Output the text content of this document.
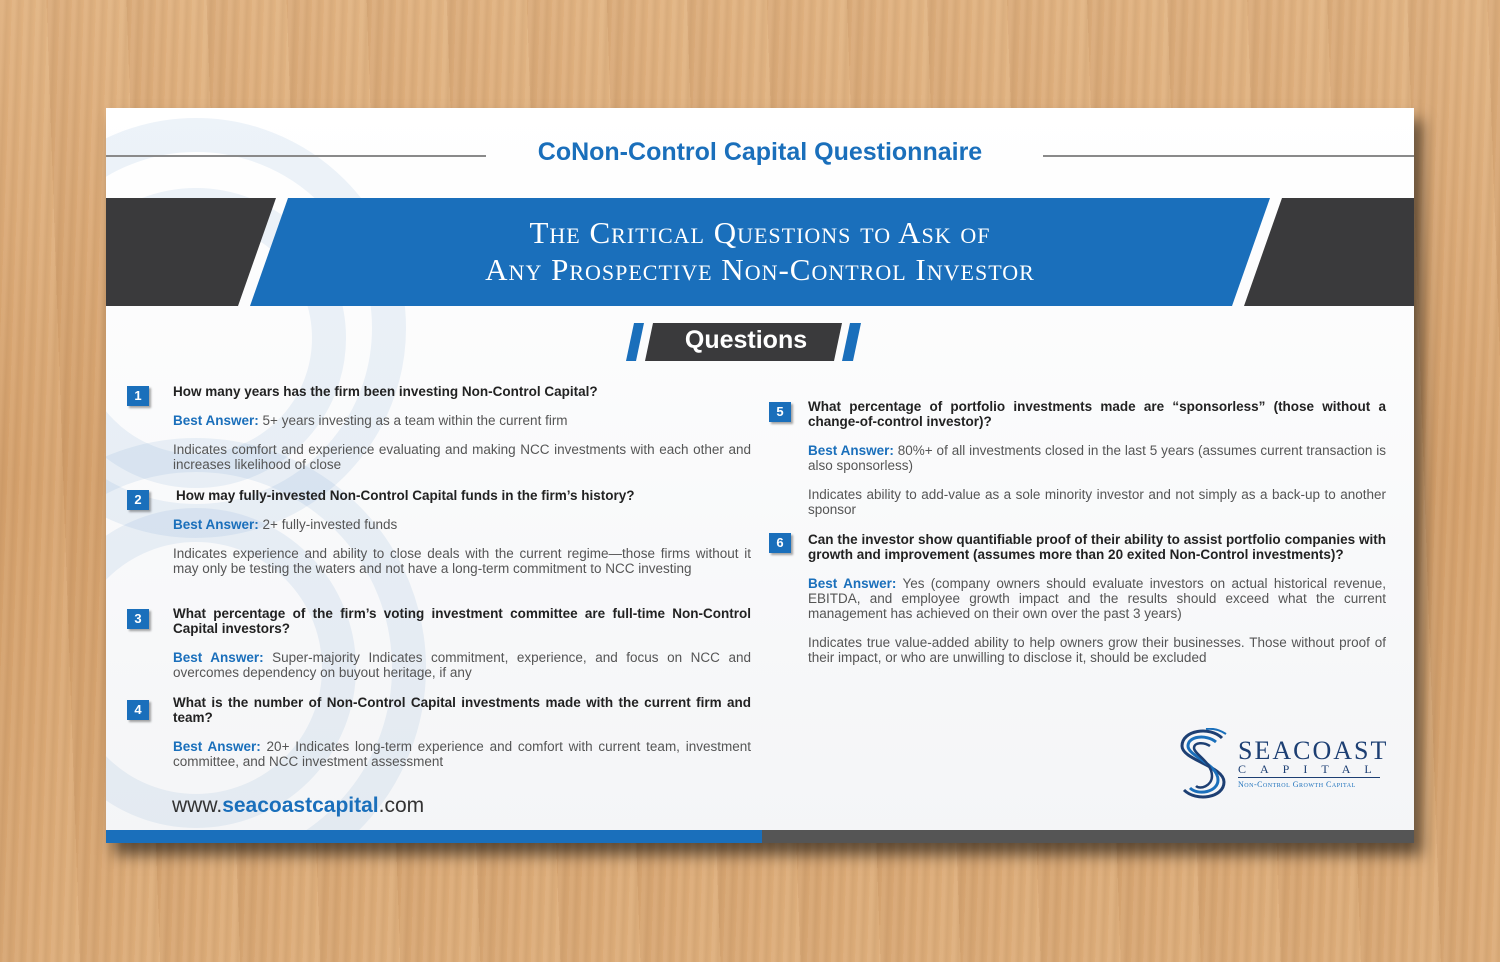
CoNon-Control Capital Questionnaire
The Critical Questions to Ask of
Any Prospective Non-Control Investor
Questions
1	How many years has the firm been investing Non-Control Capital?
Best Answer: 5+ years investing as a team within the current firm
Indicates comfort and experience evaluating and making NCC investments with each other and increases likelihood of close
2	How may fully-invested Non-Control Capital funds in the firm’s history?
Best Answer: 2+ fully-invested funds
Indicates experience and ability to close deals with the current regime—those firms without it may only be testing the waters and not have a long-term commitment to NCC investing
3	What percentage of the firm’s voting investment committee are full-time Non-Control Capital investors?
Best Answer: Super-majority Indicates commitment, experience, and focus on NCC and overcomes dependency on buyout heritage, if any
4	What is the number of Non-Control Capital investments made with the current firm and team?
Best Answer: 20+ Indicates long-term experience and comfort with current team, investment committee, and NCC investment assessment
5	What percentage of portfolio investments made are “sponsorless” (those without a change-of-control investor)?
Best Answer: 80%+ of all investments closed in the last 5 years (assumes current transaction is also sponsorless)
Indicates ability to add-value as a sole minority investor and not simply as a back-up to another sponsor
6	Can the investor show quantifiable proof of their ability to assist portfolio companies with growth and improvement (assumes more than 20 exited Non-Control investments)?
Best Answer: Yes (company owners should evaluate investors on actual historical revenue, EBITDA, and employee growth impact and the results should exceed what the current management has achieved on their own over the past 3 years)
Indicates true value-added ability to help owners grow their businesses. Those without proof of their impact, or who are unwilling to disclose it, should be excluded
www.seacoastcapital.com
SEACOAST
CAPITAL
Non-Control Growth Capital
